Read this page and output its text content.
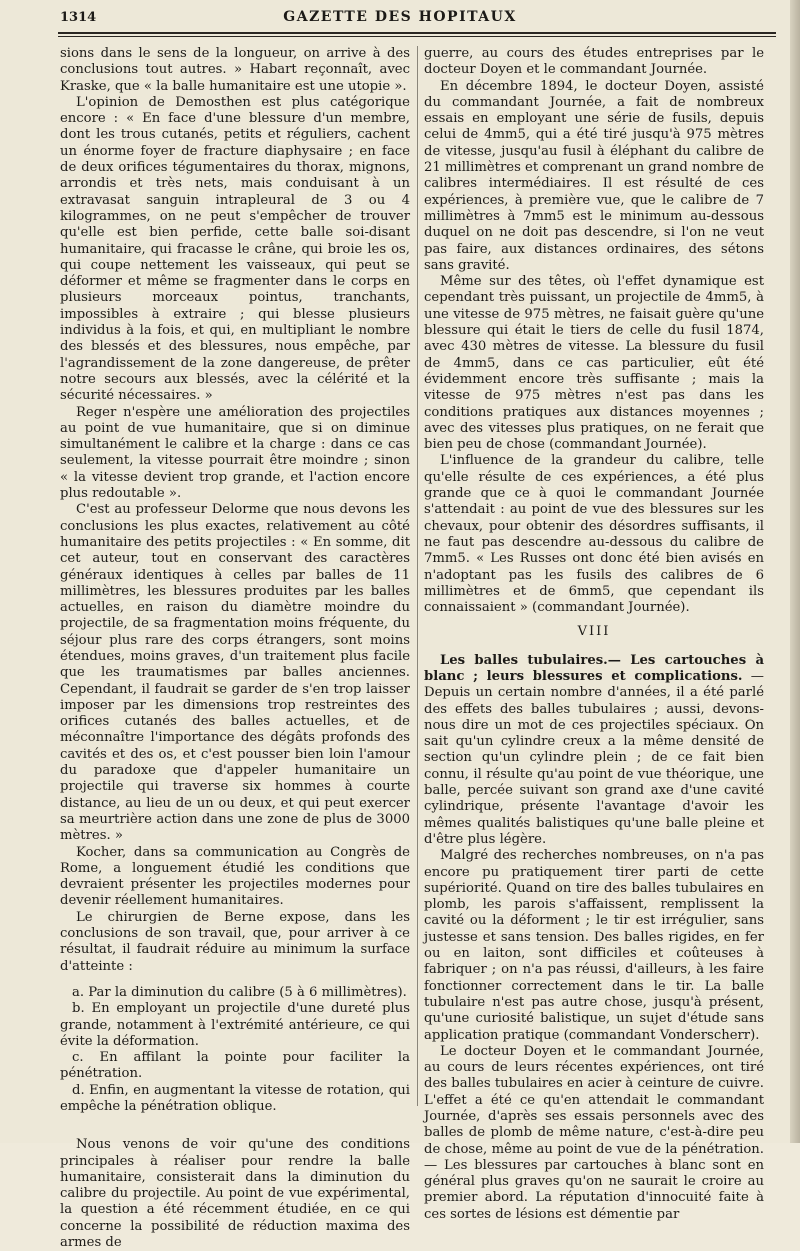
1314	GAZETTE DES HOPITAUX

sions dans le sens de la longueur, on arrive à des conclusions tout autres. » Habart reçonnaît, avec Kraske, que « la balle humanitaire est une utopie ».

L'opinion de Demosthen est plus catégorique encore : « En face d'une blessure d'un membre, dont les trous cutanés, petits et réguliers, cachent un énorme foyer de fracture diaphysaire ; en face de deux orifices tégumentaires du thorax, mignons, arrondis et très nets, mais conduisant à un extravasat sanguin intrapleural de 3 ou 4 kilogrammes, on ne peut s'empêcher de trouver qu'elle est bien perfide, cette balle soi-disant humanitaire, qui fracasse le crâne, qui broie les os, qui coupe nettement les vaisseaux, qui peut se déformer et même se fragmenter dans le corps en plusieurs morceaux pointus, tranchants, impossibles à extraire ; qui blesse plusieurs individus à la fois, et qui, en multipliant le nombre des blessés et des blessures, nous empêche, par l'agrandissement de la zone dangereuse, de prêter notre secours aux blessés, avec la célérité et la sécurité nécessaires. »

Reger n'espère une amélioration des projectiles au point de vue humanitaire, que si on diminue simultanément le calibre et la charge : dans ce cas seulement, la vitesse pourrait être moindre ; sinon « la vitesse devient trop grande, et l'action encore plus redoutable ».

C'est au professeur Delorme que nous devons les conclusions les plus exactes, relativement au côté humanitaire des petits projectiles : « En somme, dit cet auteur, tout en conservant des caractères généraux identiques à celles par balles de 11 millimètres, les blessures produites par les balles actuelles, en raison du diamètre moindre du projectile, de sa fragmentation moins fréquente, du séjour plus rare des corps étrangers, sont moins étendues, moins graves, d'un traitement plus facile que les traumatismes par balles anciennes. Cependant, il faudrait se garder de s'en trop laisser imposer par les dimensions trop restreintes des orifices cutanés des balles actuelles, et de méconnaître l'importance des dégâts profonds des cavités et des os, et c'est pousser bien loin l'amour du paradoxe que d'appeler humanitaire un projectile qui traverse six hommes à courte distance, au lieu de un ou deux, et qui peut exercer sa meurtrière action dans une zone de plus de 3000 mètres. »

Kocher, dans sa communication au Congrès de Rome, a longuement étudié les conditions que devraient présenter les projectiles modernes pour devenir réellement humanitaires.

Le chirurgien de Berne expose, dans les conclusions de son travail, que, pour arriver à ce résultat, il faudrait réduire au minimum la surface d'atteinte :

a. Par la diminution du calibre (5 à 6 millimètres).

b. En employant un projectile d'une dureté plus grande, notamment à l'extrémité antérieure, ce qui évite la déformation.

c. En affilant la pointe pour faciliter la pénétration.

d. Enfin, en augmentant la vitesse de rotation, qui empêche la pénétration oblique.

Nous venons de voir qu'une des conditions principales à réaliser pour rendre la balle humanitaire, consisterait dans la diminution du calibre du projectile. Au point de vue expérimental, la question a été récemment étudiée, en ce qui concerne la possibilité de réduction maxima des armes de

guerre, au cours des études entreprises par le docteur Doyen et le commandant Journée.

En décembre 1894, le docteur Doyen, assisté du commandant Journée, a fait de nombreux essais en employant une série de fusils, depuis celui de 4mm5, qui a été tiré jusqu'à 975 mètres de vitesse, jusqu'au fusil à éléphant du calibre de 21 millimètres et comprenant un grand nombre de calibres intermédiaires. Il est résulté de ces expériences, à première vue, que le calibre de 7 millimètres à 7mm5 est le minimum au-dessous duquel on ne doit pas descendre, si l'on ne veut pas faire, aux distances ordinaires, des sétons sans gravité.

Même sur des têtes, où l'effet dynamique est cependant très puissant, un projectile de 4mm5, à une vitesse de 975 mètres, ne faisait guère qu'une blessure qui était le tiers de celle du fusil 1874, avec 430 mètres de vitesse. La blessure du fusil de 4mm5, dans ce cas particulier, eût été évidemment encore très suffisante ; mais la vitesse de 975 mètres n'est pas dans les conditions pratiques aux distances moyennes ; avec des vitesses plus pratiques, on ne ferait que bien peu de chose (commandant Journée).

L'influence de la grandeur du calibre, telle qu'elle résulte de ces expériences, a été plus grande que ce à quoi le commandant Journée s'attendait : au point de vue des blessures sur les chevaux, pour obtenir des désordres suffisants, il ne faut pas descendre au-dessous du calibre de 7mm5. « Les Russes ont donc été bien avisés en n'adoptant pas les fusils des calibres de 6 millimètres et de 6mm5, que cependant ils connaissaient » (commandant Journée).

VIII

Les balles tubulaires.— Les cartouches à blanc ; leurs blessures et complications. — Depuis un certain nombre d'années, il a été parlé des effets des balles tubulaires ; aussi, devons-nous dire un mot de ces projectiles spéciaux. On sait qu'un cylindre creux a la même densité de section qu'un cylindre plein ; de ce fait bien connu, il résulte qu'au point de vue théorique, une balle, percée suivant son grand axe d'une cavité cylindrique, présente l'avantage d'avoir les mêmes qualités balistiques qu'une balle pleine et d'être plus légère.

Malgré des recherches nombreuses, on n'a pas encore pu pratiquement tirer parti de cette supériorité. Quand on tire des balles tubulaires en plomb, les parois s'affaissent, remplissent la cavité ou la déforment ; le tir est irrégulier, sans justesse et sans tension. Des balles rigides, en fer ou en laiton, sont difficiles et coûteuses à fabriquer ; on n'a pas réussi, d'ailleurs, à les faire fonctionner correctement dans le tir. La balle tubulaire n'est pas autre chose, jusqu'à présent, qu'une curiosité balistique, un sujet d'étude sans application pratique (commandant Vonderscherr).

Le docteur Doyen et le commandant Journée, au cours de leurs récentes expériences, ont tiré des balles tubulaires en acier à ceinture de cuivre. L'effet a été ce qu'en attendait le commandant Journée, d'après ses essais personnels avec des balles de plomb de même nature, c'est-à-dire peu de chose, même au point de vue de la pénétration. — Les blessures par cartouches à blanc sont en général plus graves qu'on ne saurait le croire au premier abord. La réputation d'innocuité faite à ces sortes de lésions est démentie par
